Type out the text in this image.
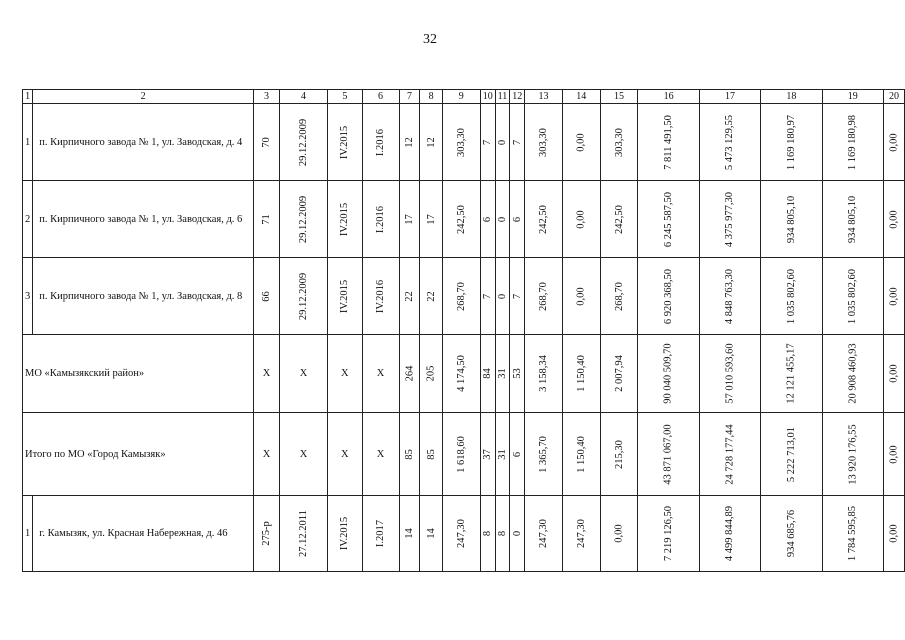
32
1	2	3	4	5	6	7	8	9	10	11	12	13	14	15	16	17	18	19	20
1	п. Кирпичного завода № 1, ул. Заводская, д. 4	70	29.12.2009	IV.2015	I.2016	12	12	303,30	7	0	7	303,30	0,00	303,30	7 811 491,50	5 473 129,55	1 169 180,97	1 169 180,98	0,00
2	п. Кирпичного завода № 1, ул. Заводская, д. 6	71	29.12.2009	IV.2015	I.2016	17	17	242,50	6	0	6	242,50	0,00	242,50	6 245 587,50	4 375 977,30	934 805,10	934 805,10	0,00
3	п. Кирпичного завода № 1, ул. Заводская, д. 8	66	29.12.2009	IV.2015	IV.2016	22	22	268,70	7	0	7	268,70	0,00	268,70	6 920 368,50	4 848 763,30	1 035 802,60	1 035 802,60	0,00
МО «Камызякский район»		X	X	X	X	264	205	4 174,50	84	31	53	3 158,34	1 150,40	2 007,94	90 040 509,70	57 010 593,60	12 121 455,17	20 908 460,93	0,00
Итого по МО «Город Камызяк»		X	X	X	X	85	85	1 618,60	37	31	6	1 365,70	1 150,40	215,30	43 871 067,00	24 728 177,44	5 222 713,01	13 920 176,55	0,00
1	г. Камызяк, ул. Красная Набережная, д. 46	275-р	27.12.2011	IV.2015	I.2017	14	14	247,30	8	8	0	247,30	247,30	0,00	7 219 126,50	4 499 844,89	934 685,76	1 784 595,85	0,00
